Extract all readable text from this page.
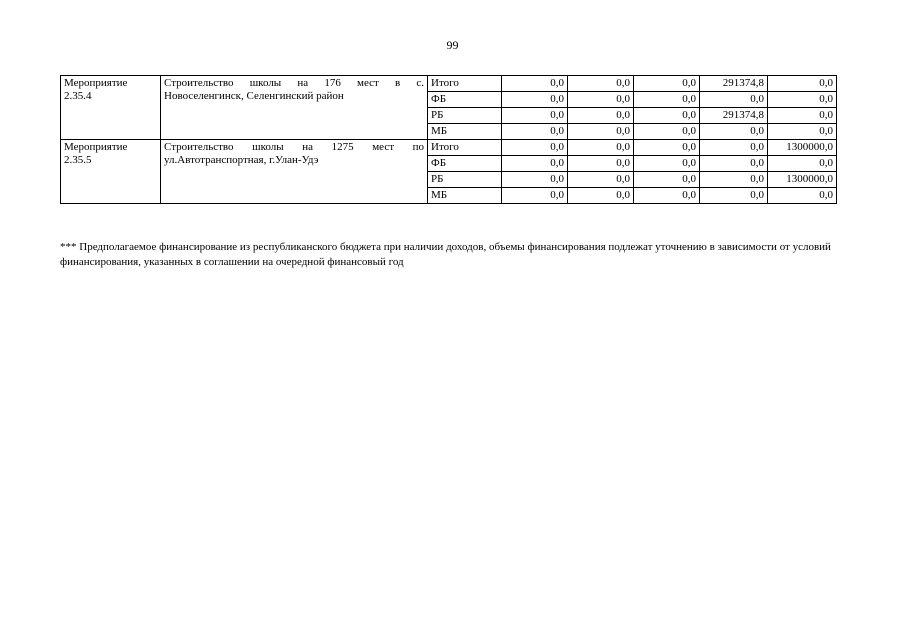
99
Мероприятие 2.35.4	Строительство школы на 176 мест в с. Новоселенгинск, Селенгинский район	Итого	0,0	0,0	0,0	291374,8	0,0
		ФБ	0,0	0,0	0,0	0,0	0,0
		РБ	0,0	0,0	0,0	291374,8	0,0
		МБ	0,0	0,0	0,0	0,0	0,0
Мероприятие 2.35.5	Строительство школы на 1275 мест по ул.Автотранспортная, г.Улан-Удэ	Итого	0,0	0,0	0,0	0,0	1300000,0
		ФБ	0,0	0,0	0,0	0,0	0,0
		РБ	0,0	0,0	0,0	0,0	1300000,0
		МБ	0,0	0,0	0,0	0,0	0,0
*** Предполагаемое финансирование из республиканского бюджета при наличии доходов, объемы финансирования подлежат уточнению в зависимости от условий финансирования, указанных в соглашении на очередной финансовый год
